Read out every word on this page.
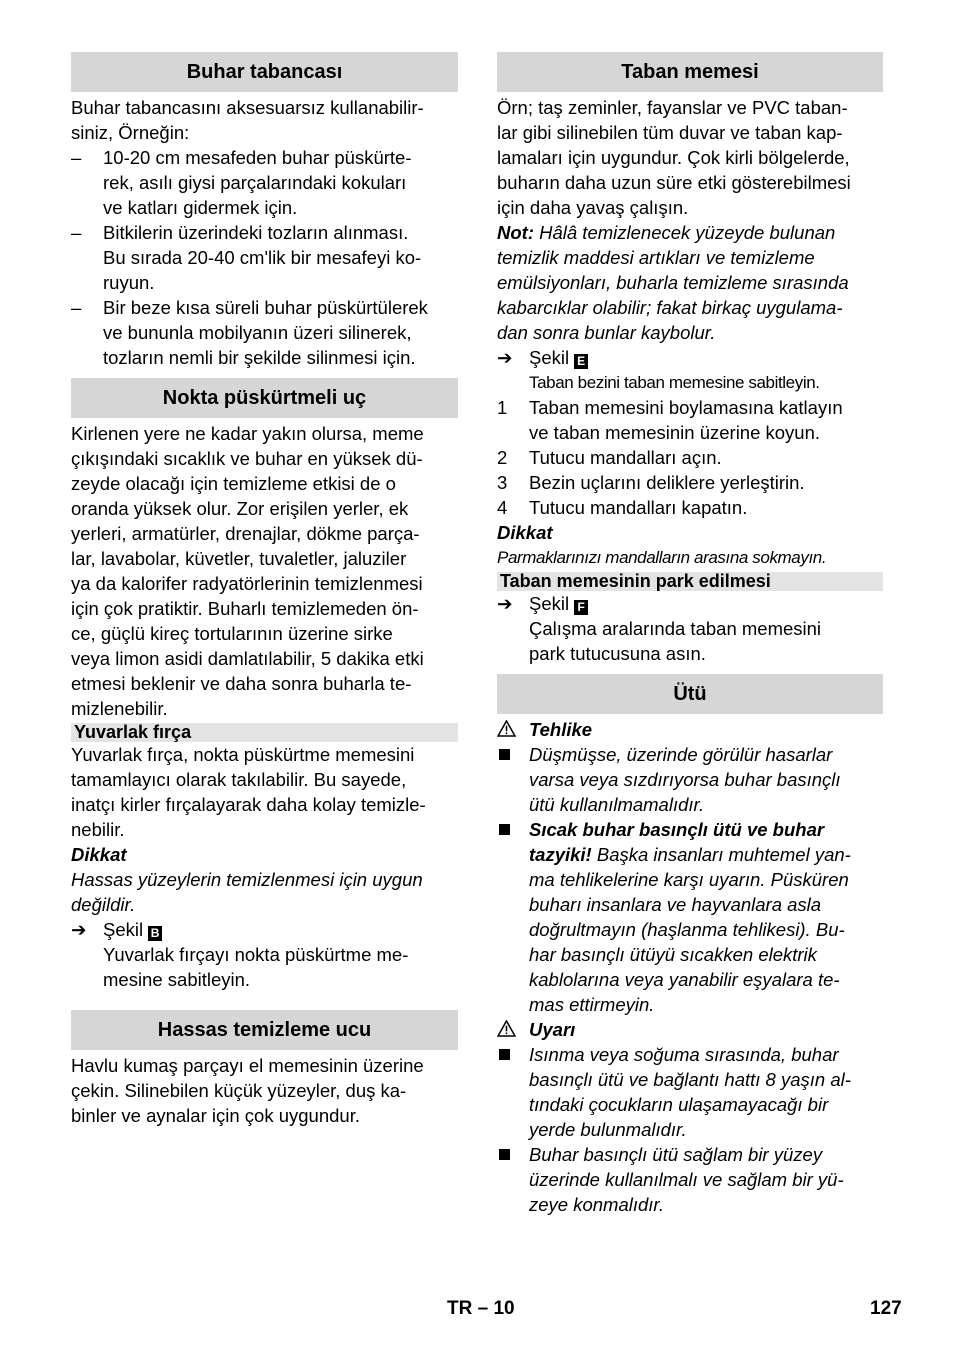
Buhar tabancası

Buhar tabancasını aksesuarsız kullanabilir-
siniz, Örneğin:

– 10-20 cm mesafeden buhar püskürte-
rek, asılı giysi parçalarındaki kokuları
ve katları gidermek için.
– Bitkilerin üzerindeki tozların alınması.
Bu sırada 20-40 cm'lik bir mesafeyi ko-
ruyun.
– Bir beze kısa süreli buhar püskürtülerek
ve bununla mobilyanın üzeri silinerek,
tozların nemli bir şekilde silinmesi için.
Nokta püskürtmeli uç

Kirlenen yere ne kadar yakın olursa, meme
çıkışındaki sıcaklık ve buhar en yüksek dü-
zeyde olacağı için temizleme etkisi de o
oranda yüksek olur. Zor erişilen yerler, ek
yerleri, armatürler, drenajlar, dökme parça-
lar, lavabolar, küvetler, tuvaletler, jaluziler
ya da kalorifer radyatörlerinin temizlenmesi
için çok pratiktir. Buharlı temizlemeden ön-
ce, güçlü kireç tortularının üzerine sirke
veya limon asidi damlatılabilir, 5 dakika etki
etmesi beklenir ve daha sonra buharla te-
mizlenebilir.

Yuvarlak fırça

Yuvarlak fırça, nokta püskürtme memesini
tamamlayıcı olarak takılabilir. Bu sayede,
inatçı kirler fırçalayarak daha kolay temizle-
nebilir.

Dikkat

Hassas yüzeylerin temizlenmesi için uygun
değildir.

➔ Şekil B
Yuvarlak fırçayı nokta püskürtme me-
mesine sabitleyin.
Hassas temizleme ucu

Havlu kumaş parçayı el memesinin üzerine
çekin. Silinebilen küçük yüzeyler, duş ka-
binler ve aynalar için çok uygundur.

Taban memesi

Örn; taş zeminler, fayanslar ve PVC taban-
lar gibi silinebilen tüm duvar ve taban kap-
lamaları için uygundur. Çok kirli bölgelerde,
buharın daha uzun süre etki gösterebilmesi
için daha yavaş çalışın.

Not: Hâlâ temizlenecek yüzeyde bulunan
temizlik maddesi artıkları ve temizleme
emülsiyonları, buharla temizleme sırasında
kabarcıklar olabilir; fakat birkaç uygulama-
dan sonra bunlar kaybolur.

➔ Şekil E
Taban bezini taban memesine sabitleyin.
1 Taban memesini boylamasına katlayın
ve taban memesinin üzerine koyun.
2 Tutucu mandalları açın.
3 Bezin uçlarını deliklere yerleştirin.
4 Tutucu mandalları kapatın.

Dikkat

Parmaklarınızı mandalların arasına sokmayın.

Taban memesinin park edilmesi
➔ Şekil F
Çalışma aralarında taban memesini
park tutucusuna asın.
Ütü
Tehlike
Düşmüşse, üzerinde görülür hasarlar
varsa veya sızdırıyorsa buhar basınçlı
ütü kullanılmamalıdır.
Sıcak buhar basınçlı ütü ve buhar
tazyiki! Başka insanları muhtemel yan-
ma tehlikelerine karşı uyarın. Püsküren
buharı insanlara ve hayvanlara asla
doğrultmayın (haşlanma tehlikesi). Bu-
har basınçlı ütüyü sıcakken elektrik
kablolarına veya yanabilir eşyalara te-
mas ettirmeyin.
Uyarı
Isınma veya soğuma sırasında, buhar
basınçlı ütü ve bağlantı hattı 8 yaşın al-
tındaki çocukların ulaşamayacağı bir
yerde bulunmalıdır.
Buhar basınçlı ütü sağlam bir yüzey
üzerinde kullanılmalı ve sağlam bir yü-
zeye konmalıdır.
TR – 10	127
